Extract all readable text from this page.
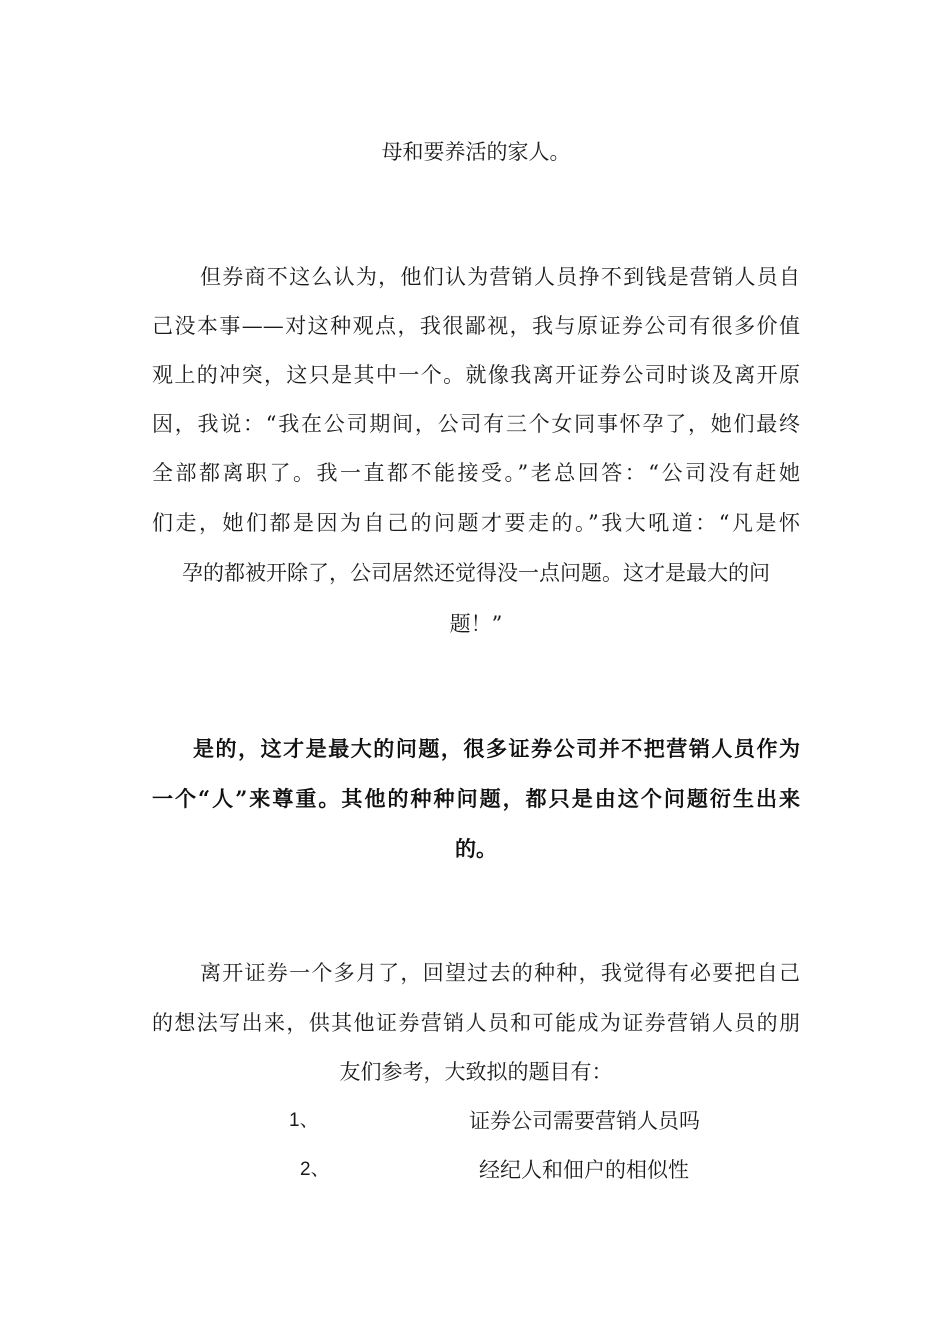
母和要养活的家人。
但券商不这么认为，他们认为营销人员挣不到钱是营销人员自
己没本事——对这种观点，我很鄙视，我与原证券公司有很多价值
观上的冲突，这只是其中一个。就像我离开证券公司时谈及离开原
因，我说：“我在公司期间，公司有三个女同事怀孕了，她们最终
全部都离职了。我一直都不能接受。”老总回答：“公司没有赶她
们走，她们都是因为自己的问题才要走的。”我大吼道：“凡是怀
孕的都被开除了，公司居然还觉得没一点问题。这才是最大的问
题！”
是的，这才是最大的问题，很多证券公司并不把营销人员作为
一个“人”来尊重。其他的种种问题，都只是由这个问题衍生出来
的。
离开证券一个多月了，回望过去的种种，我觉得有必要把自己
的想法写出来，供其他证券营销人员和可能成为证券营销人员的朋
友们参考，大致拟的题目有：
1、	证券公司需要营销人员吗
2、	经纪人和佃户的相似性
